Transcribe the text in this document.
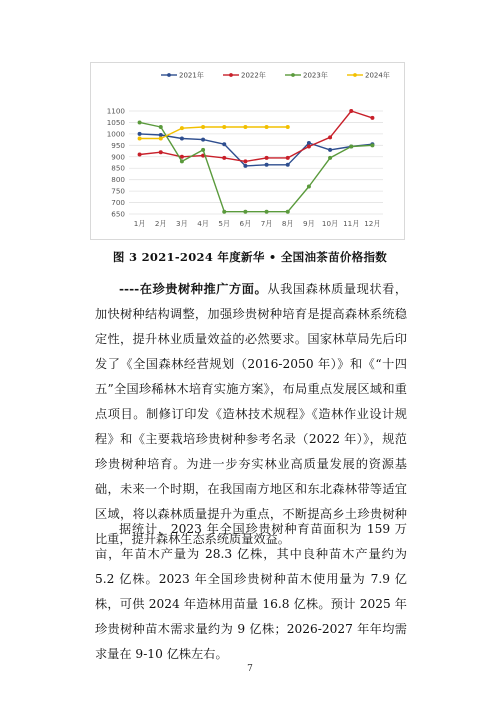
1100
1050
1000
950
900
850
800
750
700
650
1月 2月 3月 4月 5月 6月 7月 8月 9月 10月 11月 12月
2021年	2022年	2023年	2024年
图 3 2021-2024 年度新华 • 全国油茶苗价格指数
----在珍贵树种推广方面。从我国森林质量现状看，加快树种结构调整，加强珍贵树种培育是提高森林系统稳定性，提升林业质量效益的必然要求。国家林草局先后印发了《全国森林经营规划（2016-2050 年）》和《“十四五”全国珍稀林木培育实施方案》，布局重点发展区域和重点项目。制修订印发《造林技术规程》《造林作业设计规程》和《主要栽培珍贵树种参考名录（2022 年）》，规范珍贵树种培育。为进一步夯实林业高质量发展的资源基础，未来一个时期，在我国南方地区和东北森林带等适宜区域，将以森林质量提升为重点，不断提高乡土珍贵树种比重，提升森林生态系统质量效益。
据统计，2023 年全国珍贵树种育苗面积为 159 万亩，年苗木产量为 28.3 亿株，其中良种苗木产量约为 5.2 亿株。2023 年全国珍贵树种苗木使用量为 7.9 亿株，可供 2024 年造林用苗量 16.8 亿株。预计 2025 年珍贵树种苗木需求量约为 9 亿株；2026-2027 年年均需求量在 9-10 亿株左右。
7
